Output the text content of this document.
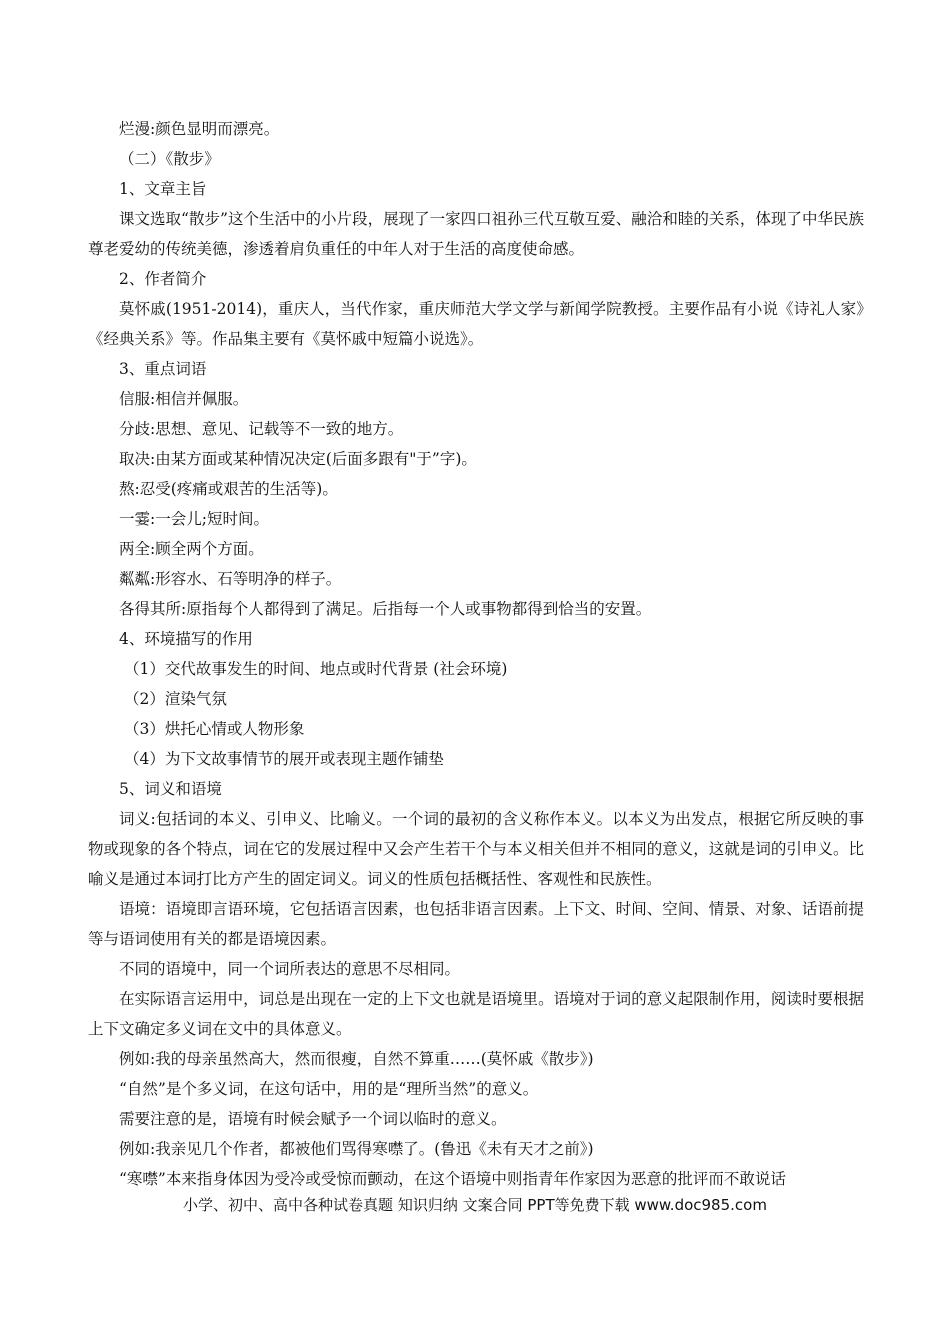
烂漫:颜色显明而漂亮。
（二）《散步》
1、文章主旨

课文选取“散步”这个生活中的小片段，展现了一家四口祖孙三代互敬互爱、融洽和睦的关系，体现了中华民族尊老爱幼的传统美德，渗透着肩负重任的中年人对于生活的高度使命感。

2、作者简介

莫怀戚(1951-2014)，重庆人，当代作家，重庆师范大学文学与新闻学院教授。主要作品有小说《诗礼人家》《经典关系》等。作品集主要有《莫怀戚中短篇小说选》。

3、重点词语
信服:相信并佩服。
分歧:思想、意见、记载等不一致的地方。
取决:由某方面或某种情况决定(后面多跟有"于”字)。
熬:忍受(疼痛或艰苦的生活等)。
一霎:一会儿;短时间。
两全:顾全两个方面。
粼粼:形容水、石等明净的样子。
各得其所:原指每个人都得到了满足。后指每一个人或事物都得到恰当的安置。
4、环境描写的作用
（1）交代故事发生的时间、地点或时代背景 (社会环境)
（2）渲染气氛
（3）烘托心情或人物形象
（4）为下文故事情节的展开或表现主题作铺垫
5、词义和语境

词义:包括词的本义、引申义、比喻义。一个词的最初的含义称作本义。以本义为出发点，根据它所反映的事物或现象的各个特点，词在它的发展过程中又会产生若干个与本义相关但并不相同的意义，这就是词的引申义。比喻义是通过本词打比方产生的固定词义。词义的性质包括概括性、客观性和民族性。

语境：语境即言语环境，它包括语言因素，也包括非语言因素。上下文、时间、空间、情景、对象、话语前提等与语词使用有关的都是语境因素。

不同的语境中，同一个词所表达的意思不尽相同。

在实际语言运用中，词总是出现在一定的上下文也就是语境里。语境对于词的意义起限制作用，阅读时要根据上下文确定多义词在文中的具体意义。

例如:我的母亲虽然高大，然而很瘦，自然不算重……(莫怀戚《散步》)
“自然”是个多义词，在这句话中，用的是“理所当然”的意义。
需要注意的是，语境有时候会赋予一个词以临时的意义。
例如:我亲见几个作者，都被他们骂得寒噤了。(鲁迅《未有天才之前》)
“寒噤”本来指身体因为受冷或受惊而颤动，在这个语境中则指青年作家因为恶意的批评而不敢说话
小学、初中、高中各种试卷真题 知识归纳 文案合同 PPT等免费下载 www.doc985.com
